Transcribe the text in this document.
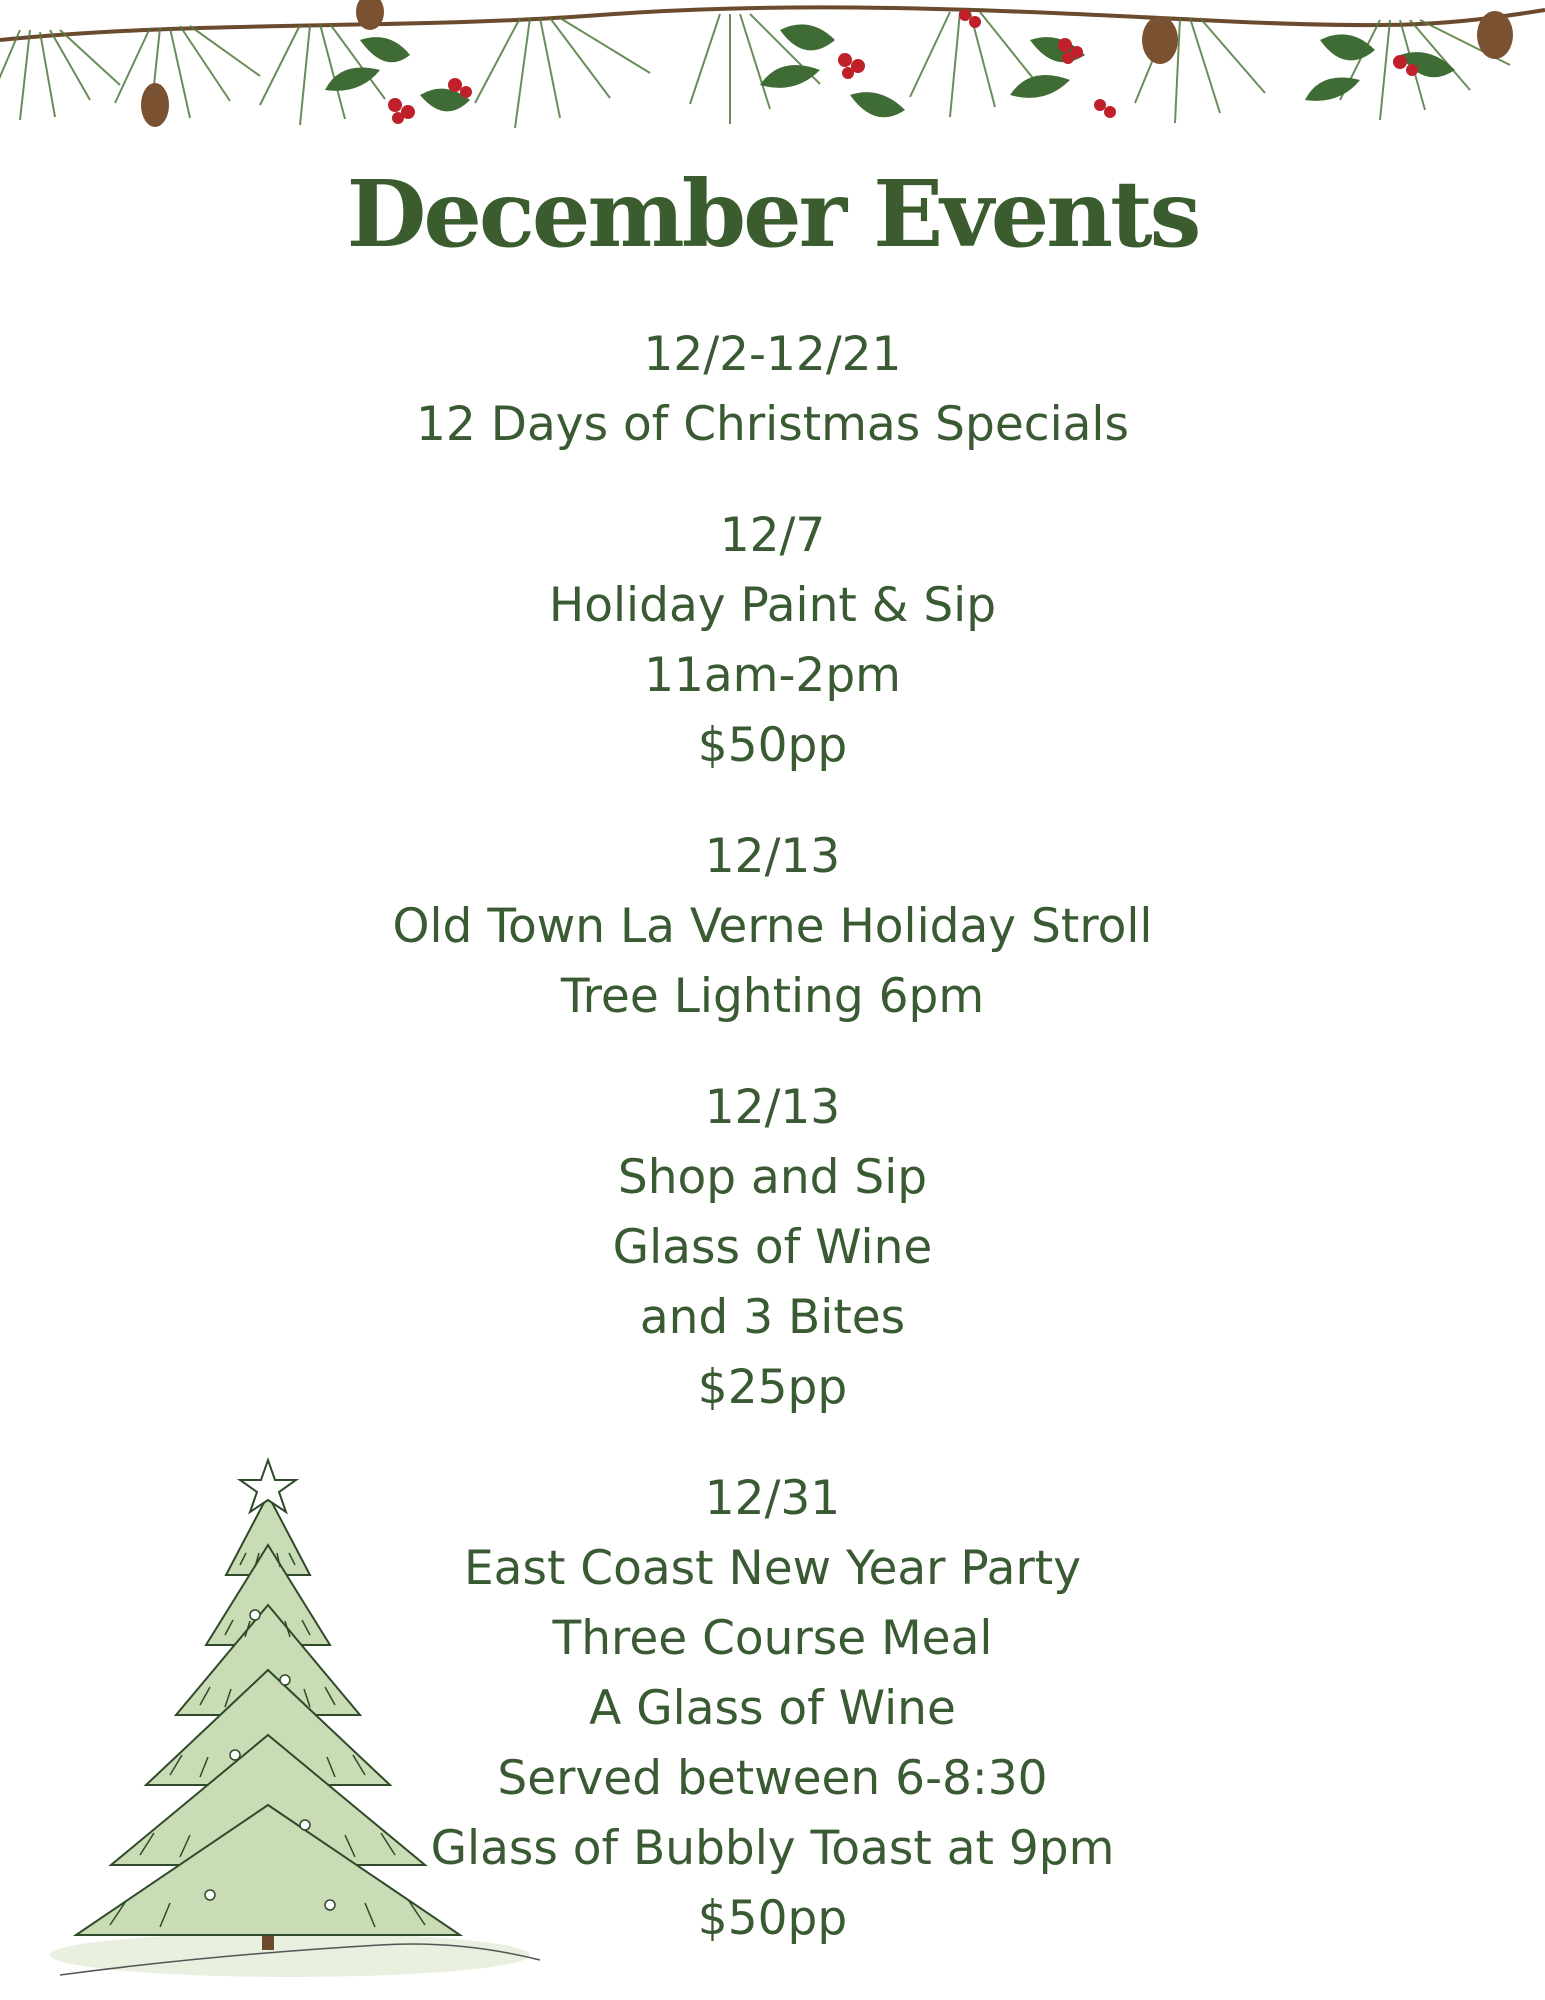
December Events
12/2-12/21
12 Days of Christmas Specials
12/7
Holiday Paint & Sip
11am-2pm
$50pp
12/13
Old Town La Verne Holiday Stroll
Tree Lighting 6pm
12/13
Shop and Sip
Glass of Wine
and 3 Bites
$25pp
12/31
East Coast New Year Party
Three Course Meal
A Glass of Wine
Served between 6-8:30
Glass of Bubbly Toast at 9pm
$50pp
